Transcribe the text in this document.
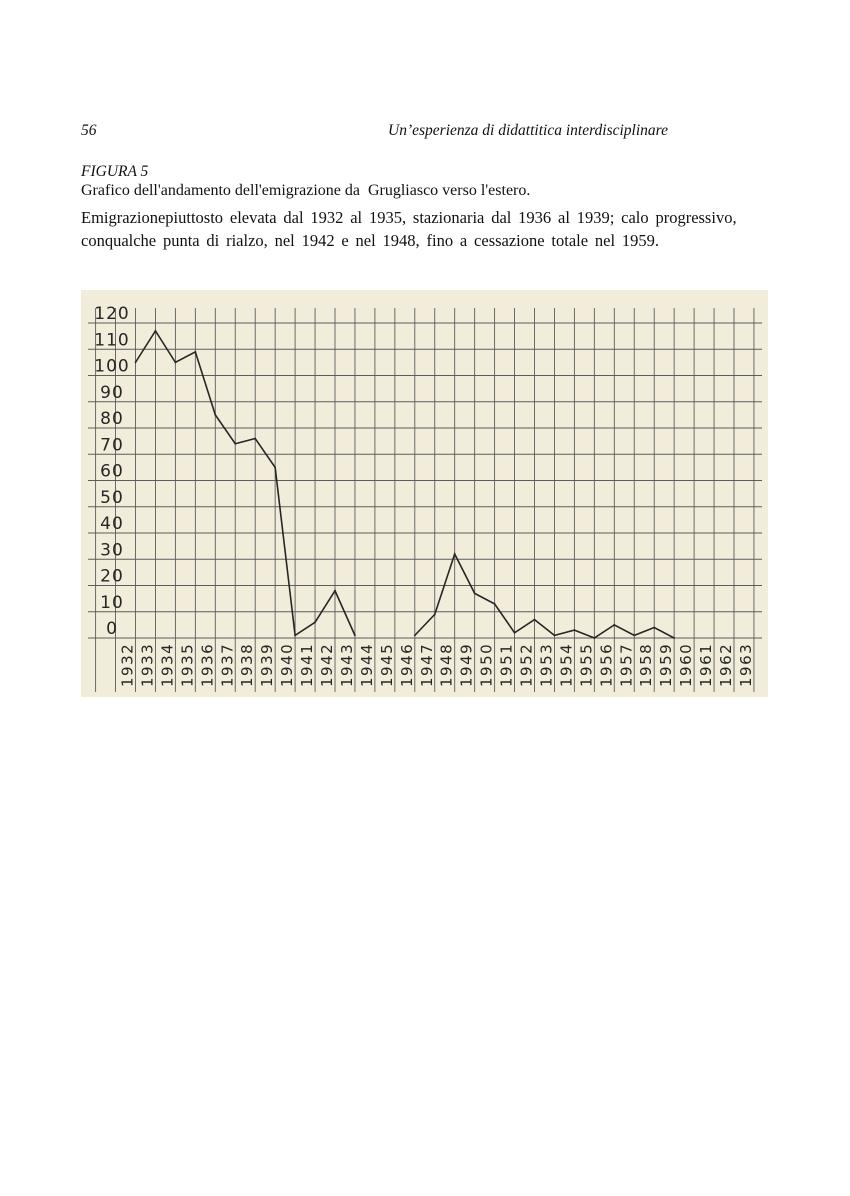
56	Un’esperienza di didattitica interdisciplinare
FIGURA 5
Grafico dell'andamento dell'emigrazione da  Grugliasco verso l'estero.
Emigrazionepiuttosto elevata dal 1932 al 1935, stazionaria dal 1936 al 1939; calo progressivo,
conqualche punta di rialzo, nel 1942 e nel 1948, fino a cessazione totale nel 1959.

120
110
100
90
80
70
60
50
40
30
20
10
0
1932 1933 1934 1935 1936 1937 1938 1939 1940 1941 1942 1943 1944 1945 1946 1947 1948 1949 1950 1951 1952 1953 1954 1955 1956 1957 1958 1959 1960 1961 1962 1963
